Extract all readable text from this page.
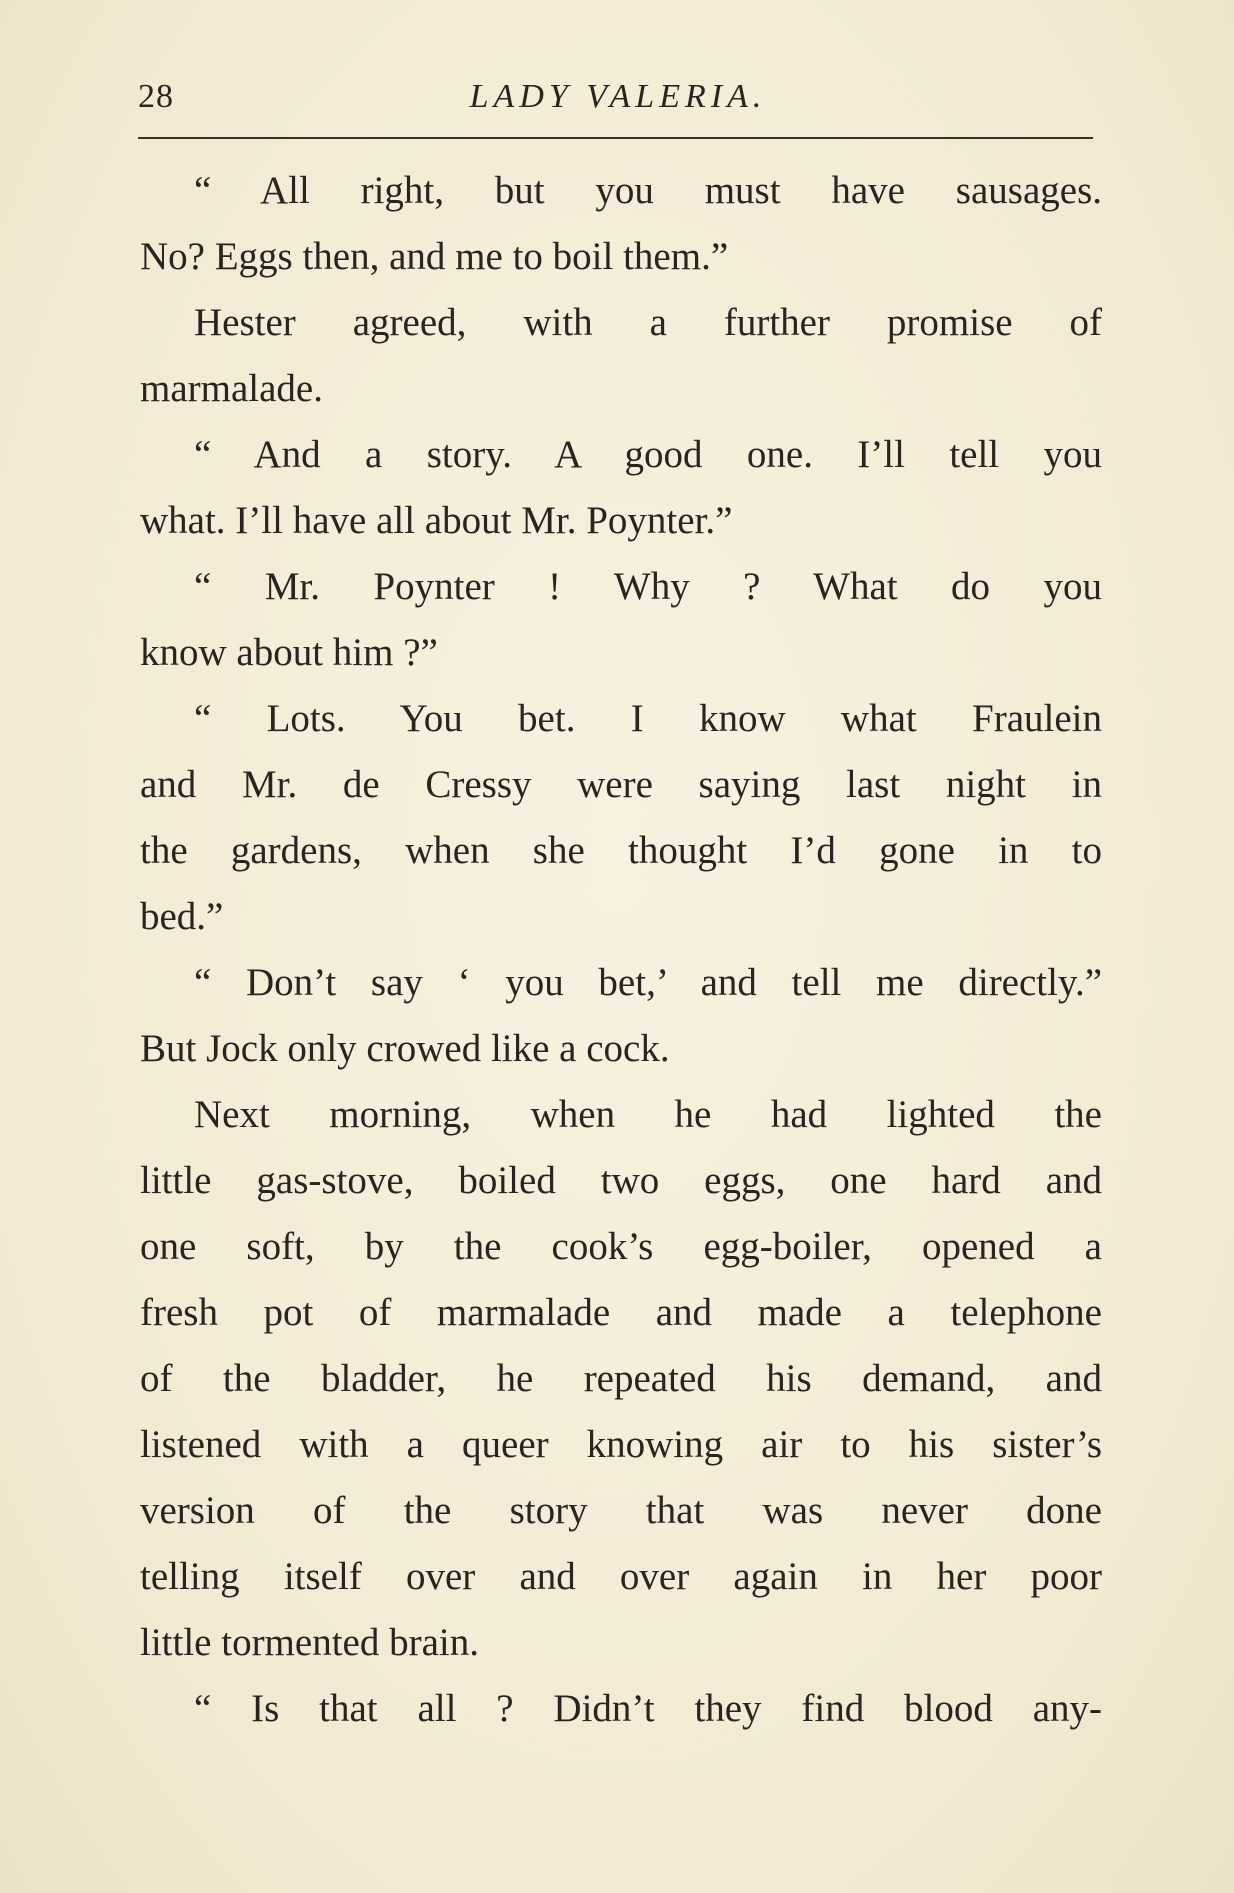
28	LADY VALERIA.
“ All right, but you must have sausages.
No? Eggs then, and me to boil them.”
Hester agreed, with a further promise of
marmalade.
“ And a story. A good one. I’ll tell you
what. I’ll have all about Mr. Poynter.”
“ Mr. Poynter ! Why ? What do you
know about him ?”
“ Lots. You bet. I know what Fraulein
and Mr. de Cressy were saying last night in
the gardens, when she thought I’d gone in to
bed.”
“ Don’t say ‘ you bet,’ and tell me directly.”
But Jock only crowed like a cock.
Next morning, when he had lighted the
little gas-stove, boiled two eggs, one hard and
one soft, by the cook’s egg-boiler, opened a
fresh pot of marmalade and made a telephone
of the bladder, he repeated his demand, and
listened with a queer knowing air to his sister’s
version of the story that was never done
telling itself over and over again in her poor
little tormented brain.
“ Is that all ? Didn’t they find blood any-
